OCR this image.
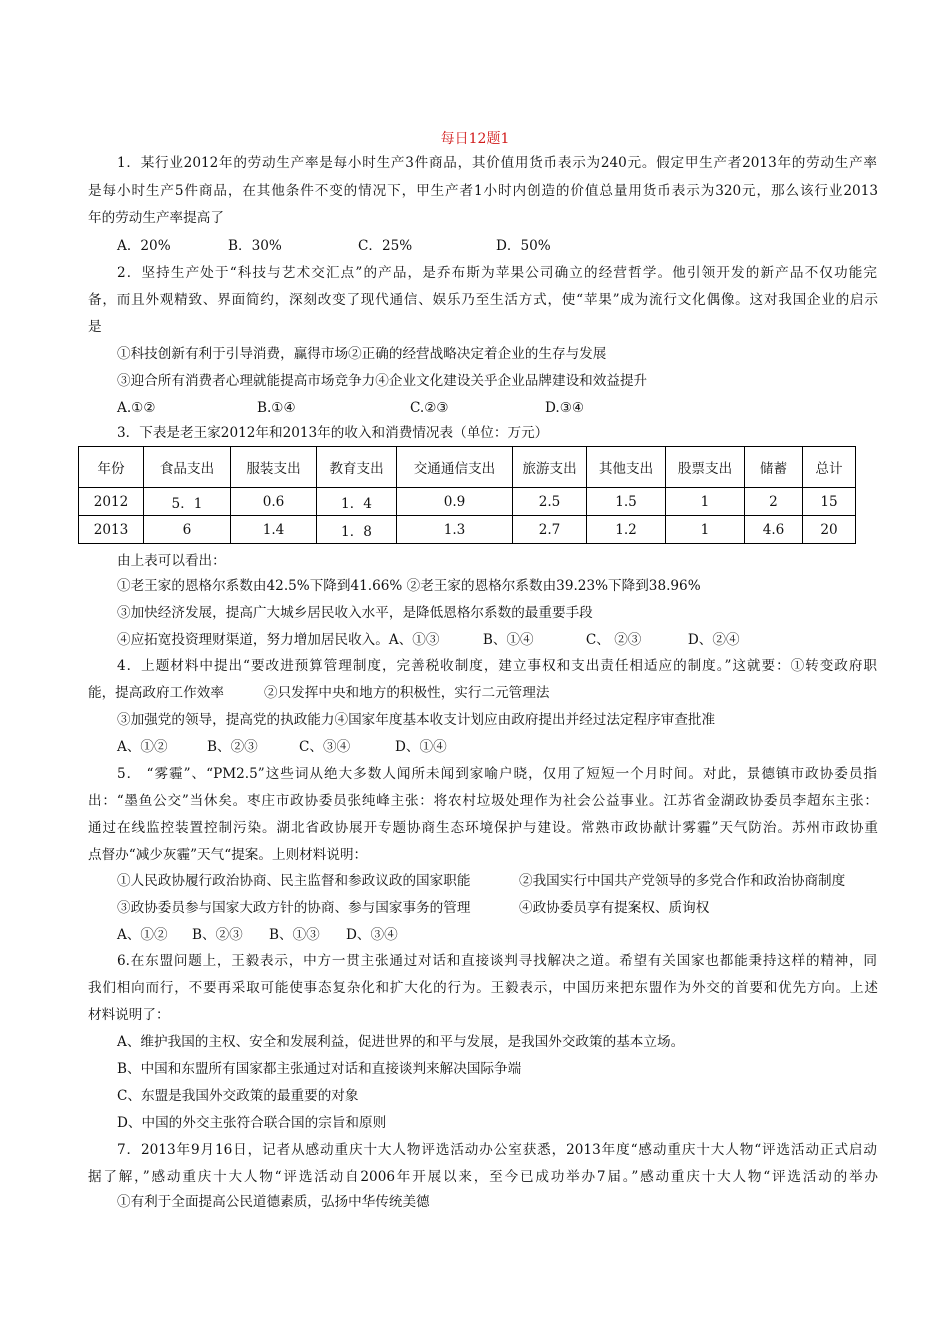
每日12题1
1．某行业2012年的劳动生产率是每小时生产3件商品，其价值用货币表示为240元。假定甲生产者2013年的劳动生产率
是每小时生产5件商品，在其他条件不变的情况下，甲生产者1小时内创造的价值总量用货币表示为320元，那么该行业2013
年的劳动生产率提高了
A．20%	B．30%	C．25%	D．50%
2．坚持生产处于“科技与艺术交汇点”的产品，是乔布斯为苹果公司确立的经营哲学。他引领开发的新产品不仅功能完
备，而且外观精致、界面简约，深刻改变了现代通信、娱乐乃至生活方式，使“苹果”成为流行文化偶像。这对我国企业的启示
是
①科技创新有利于引导消费，赢得市场②正确的经营战略决定着企业的生存与发展
③迎合所有消费者心理就能提高市场竞争力④企业文化建设关乎企业品牌建设和效益提升
A.①②	B.①④	C.②③	D.③④
3．下表是老王家2012年和2013年的收入和消费情况表（单位：万元）
年份	食品支出	服装支出	教育支出	交通通信支出	旅游支出	其他支出	股票支出	储蓄	总计
2012	5．1	0.6	1．4	0.9	2.5	1.5	1	2	15
2013	6	1.4	1．8	1.3	2.7	1.2	1	4.6	20
由上表可以看出：
①老王家的恩格尔系数由42.5%下降到41.66% ②老王家的恩格尔系数由39.23%下降到38.96%
③加快经济发展，提高广大城乡居民收入水平，是降低恩格尔系数的最重要手段
④应拓宽投资理财渠道，努力增加居民收入。A、①③	B、①④	C、 ②③	D、②④
4．上题材料中提出“要改进预算管理制度，完善税收制度，建立事权和支出责任相适应的制度。”这就要：①转变政府职
能，提高政府工作效率	②只发挥中央和地方的积极性，实行二元管理法
③加强党的领导，提高党的执政能力④国家年度基本收支计划应由政府提出并经过法定程序审查批准
A、①②	B、②③	C、③④	D、①④
5． “雾霾”、“PM2.5”这些词从绝大多数人闻所未闻到家喻户晓，仅用了短短一个月时间。对此，景德镇市政协委员指
出：“墨鱼公交”当休矣。枣庄市政协委员张纯峰主张：将农村垃圾处理作为社会公益事业。江苏省金湖政协委员李超东主张：
通过在线监控装置控制污染。湖北省政协展开专题协商生态环境保护与建设。常熟市政协献计雾霾”天气防治。苏州市政协重
点督办“减少灰霾”天气“提案。上则材料说明：
①人民政协履行政治协商、民主监督和参政议政的国家职能	②我国实行中国共产党领导的多党合作和政治协商制度
③政协委员参与国家大政方针的协商、参与国家事务的管理	④政协委员享有提案权、质询权
A、①② B、②③ B、①③ D、③④
6.在东盟问题上，王毅表示，中方一贯主张通过对话和直接谈判寻找解决之道。希望有关国家也都能秉持这样的精神，同
我们相向而行，不要再采取可能使事态复杂化和扩大化的行为。王毅表示，中国历来把东盟作为外交的首要和优先方向。上述
材料说明了：
A、维护我国的主权、安全和发展利益，促进世界的和平与发展，是我国外交政策的基本立场。
B、中国和东盟所有国家都主张通过对话和直接谈判来解决国际争端
C、东盟是我国外交政策的最重要的对象
D、中国的外交主张符合联合国的宗旨和原则
7．2013年9月16日，记者从感动重庆十大人物评选活动办公室获悉，2013年度“感动重庆十大人物“评选活动正式启动
据了解，”感动重庆十大人物“评选活动自2006年开展以来，至今已成功举办7届。”感动重庆十大人物“评选活动的举办
①有利于全面提高公民道德素质，弘扬中华传统美德
